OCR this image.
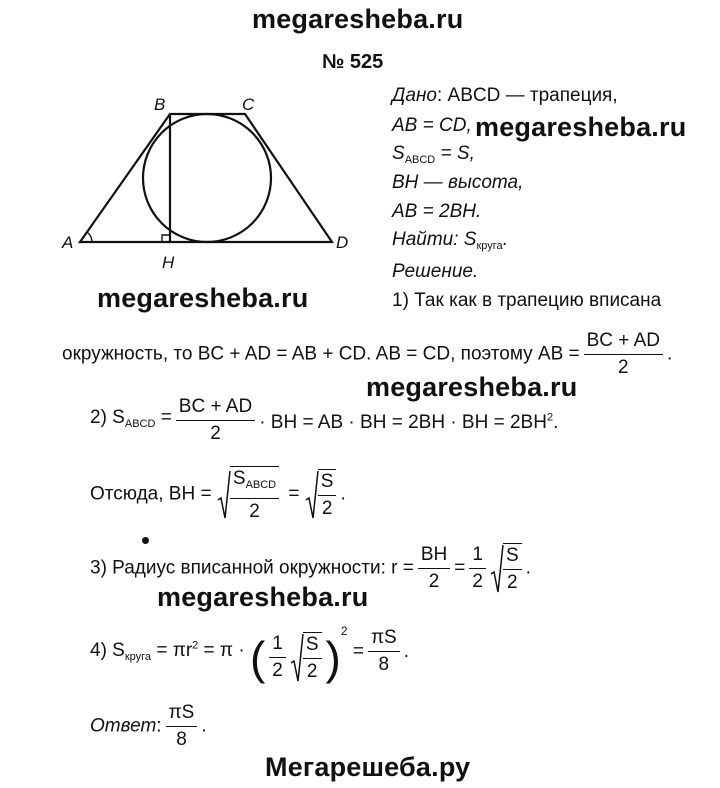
megaresheba.ru
№ 525
A
B	C
D
H
Дано: ABCD — трапеция,
AB = CD, megaresheba.ru
$S_{ABCD} = S$,
BH — высота,
AB = 2BH.
Найти: $S_{круга}$.
Решение.
1) Так как в трапецию вписана
megaresheba.ru
окружность, то BC + AD = AB + CD. AB = CD, поэтому AB = $\frac{BC + AD}{2}$ .
megaresheba.ru
2) $S_{ABCD} = \frac{BC + AD}{2}$ · BH = AB · BH = 2BH · BH = $2BH^2$.
Отсюда, BH = $\frac{S_{ABCD}}{2} = \frac{S}{2}$ .
3) Радиус вписанной окружности: $r = \frac{BH}{2} = \frac{1}{2} \frac{S}{2}$ .
megaresheba.ru
4) $S_{круга} = \pi r^2 = \pi$ · ( $\frac{1}{2} \frac{S}{2} )^2 = \frac{\pi S}{8}$ .
Ответ: $\frac{\pi S}{8}$ .
Мегарешеба.ру
